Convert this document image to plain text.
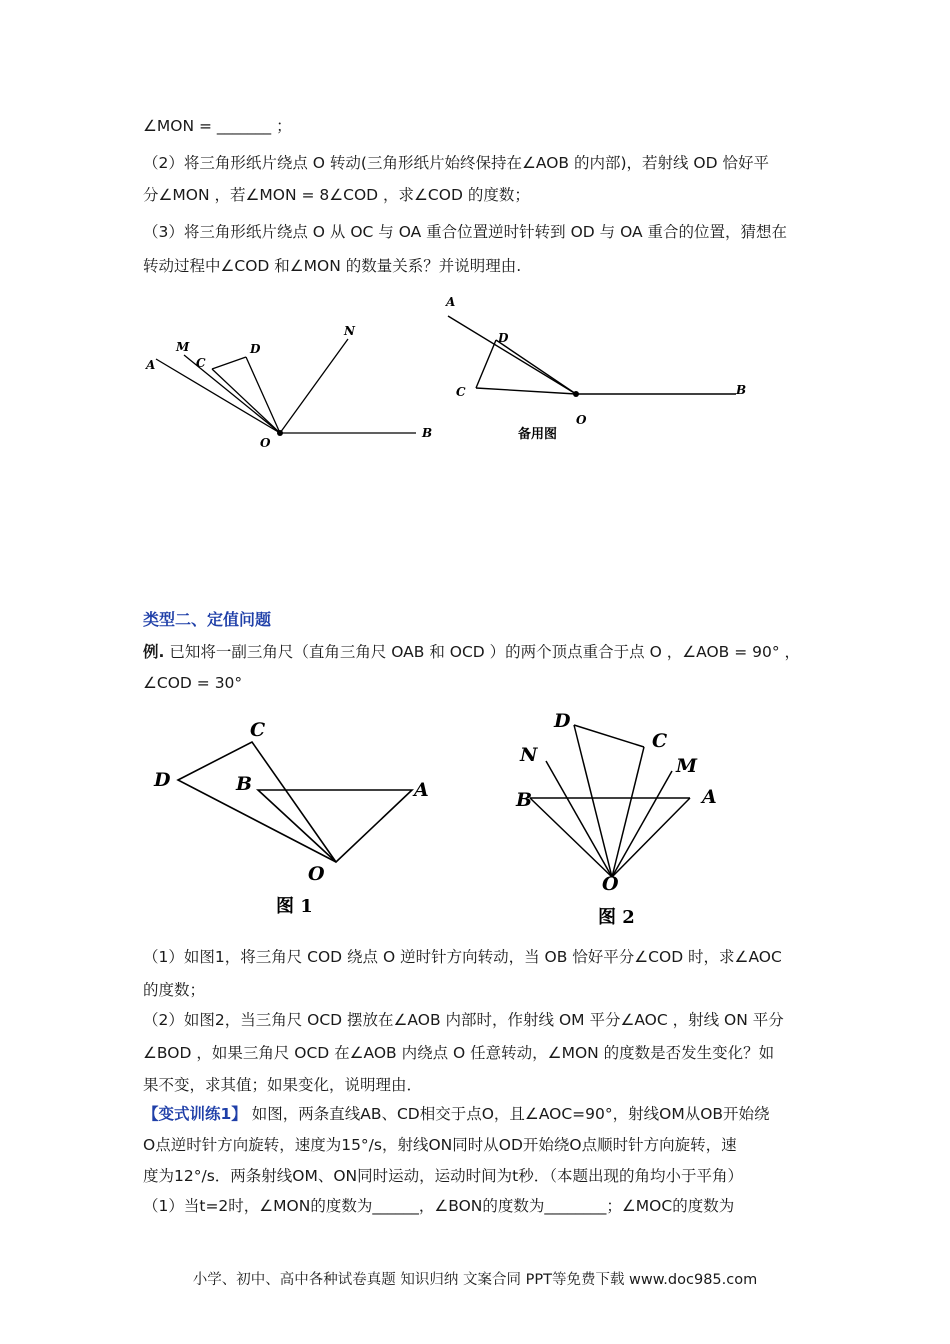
∠MON = _______ ；
（2）将三角形纸片绕点 O 转动(三角形纸片始终保持在∠AOB 的内部)，若射线 OD 恰好平
分∠MON ，若∠MON = 8∠COD ，求∠COD 的度数；
（3）将三角形纸片绕点 O 从 OC 与 OA 重合位置逆时针转到 OD 与 OA 重合的位置，猜想在
转动过程中∠COD 和∠MON 的数量关系？并说明理由.
A
M
C
D
N
O
B
A
D
C
O
B
备用图
类型二、定值问题
例. 已知将一副三角尺（直角三角尺 OAB 和 OCD ）的两个顶点重合于点 O ，∠AOB = 90° ，
∠COD = 30°
C
D	B	A
O
图 1
D
C
N	M
B	A
O
图 2
（1）如图1，将三角尺 COD 绕点 O 逆时针方向转动，当 OB 恰好平分∠COD 时，求∠AOC
的度数；
（2）如图2，当三角尺 OCD 摆放在∠AOB 内部时，作射线 OM 平分∠AOC ，射线 ON 平分
∠BOD ，如果三角尺 OCD 在∠AOB 内绕点 O 任意转动，∠MON 的度数是否发生变化？如
果不变，求其值；如果变化，说明理由．
【变式训练1】 如图，两条直线AB、CD相交于点O，且∠AOC=90°，射线OM从OB开始绕
O点逆时针方向旋转，速度为15°/s，射线ON同时从OD开始绕O点顺时针方向旋转，速
度为12°/s．两条射线OM、ON同时运动，运动时间为t秒．（本题出现的角均小于平角）
（1）当t=2时，∠MON的度数为______，∠BON的度数为________；∠MOC的度数为
小学、初中、高中各种试卷真题 知识归纳 文案合同 PPT等免费下载 www.doc985.com
